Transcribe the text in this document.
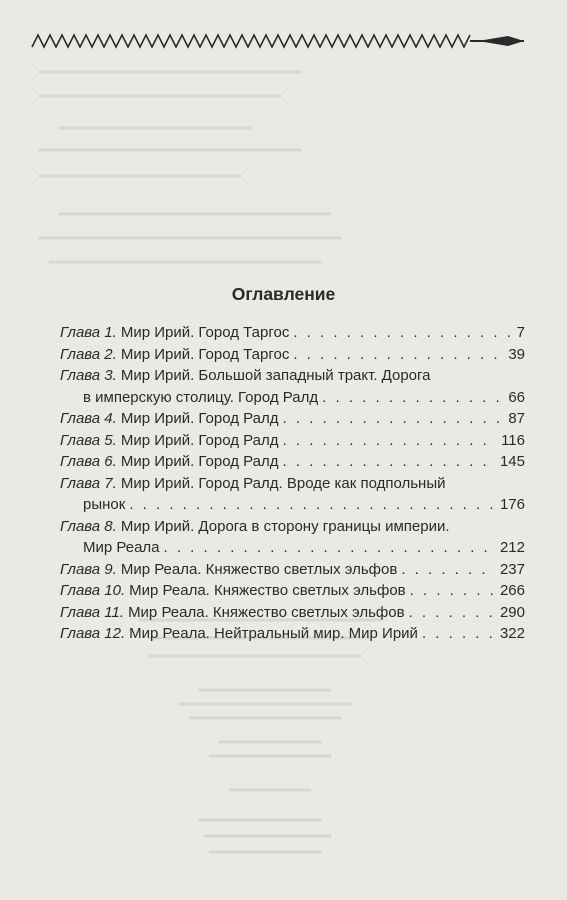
Оглавление
Глава 1. Мир Ирий. Город Таргос . . .	7
Глава 2. Мир Ирий. Город Таргос . . .	39
Глава 3. Мир Ирий. Большой западный тракт. Дорога
в имперскую столицу. Город Ралд . . .	66
Глава 4. Мир Ирий. Город Ралд . . .	87
Глава 5. Мир Ирий. Город Ралд . . .	116
Глава 6. Мир Ирий. Город Ралд . . .	145
Глава 7. Мир Ирий. Город Ралд. Вроде как подпольный
рынок . . .	176
Глава 8. Мир Ирий. Дорога в сторону границы империи.
Мир Реала . . .	212
Глава 9. Мир Реала. Княжество светлых эльфов . . .	237
Глава 10. Мир Реала. Княжество светлых эльфов . . .	266
Глава 11. Мир Реала. Княжество светлых эльфов . . .	290
Глава 12. Мир Реала. Нейтральный мир. Мир Ирий . . .	322
